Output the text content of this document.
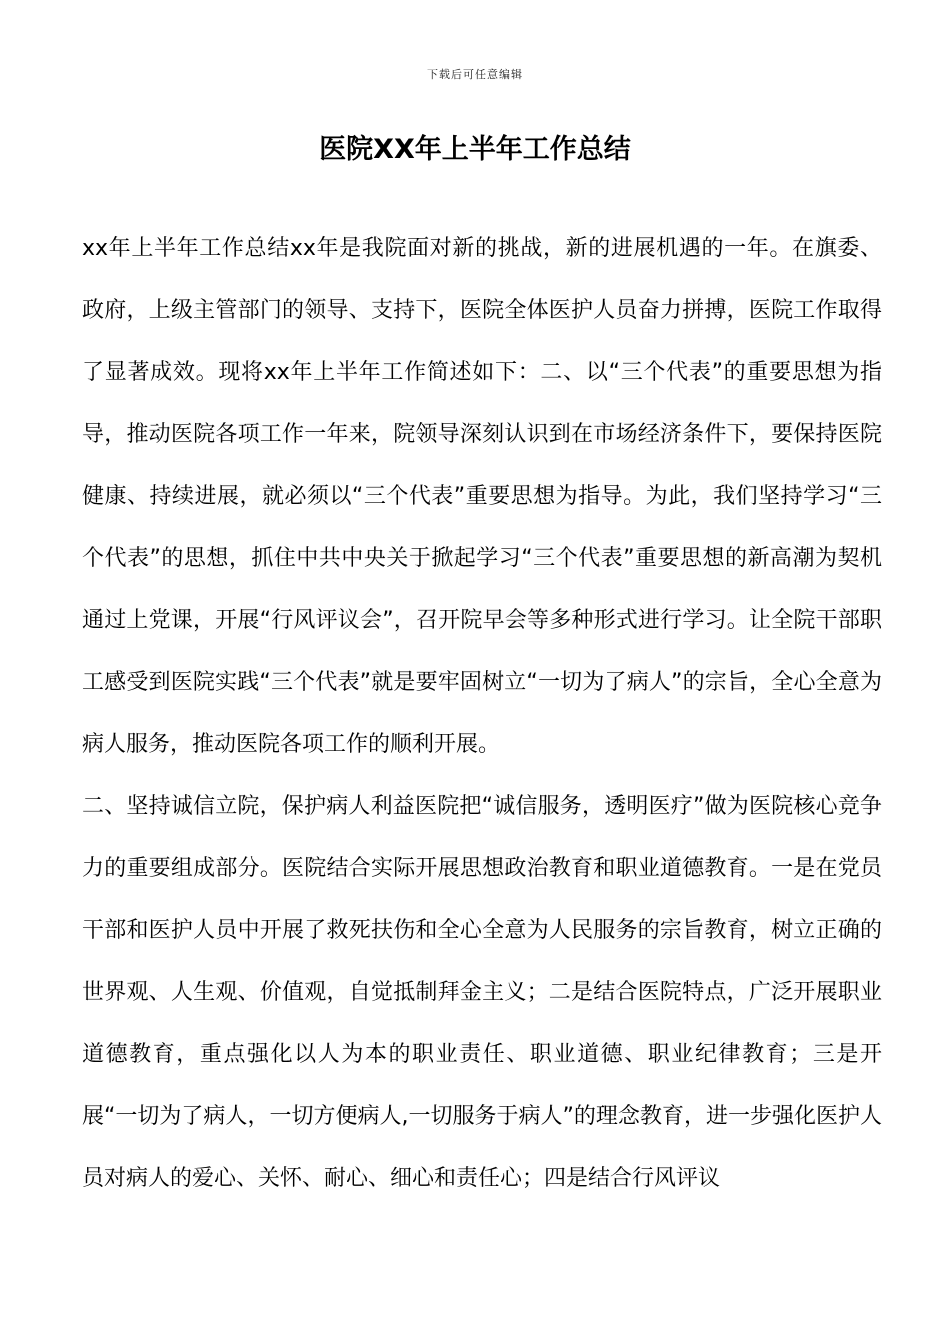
下载后可任意编辑
医院XX年上半年工作总结

xx年上半年工作总结xx年是我院面对新的挑战，新的进展机遇的一年。在旗委、政府，上级主管部门的领导、支持下，医院全体医护人员奋力拼搏，医院工作取得了显著成效。现将xx年上半年工作简述如下：二、以“三个代表”的重要思想为指导，推动医院各项工作一年来，院领导深刻认识到在市场经济条件下，要保持医院健康、持续进展，就必须以“三个代表”重要思想为指导。为此，我们坚持学习“三个代表”的思想，抓住中共中央关于掀起学习“三个代表”重要思想的新高潮为契机通过上党课，开展“行风评议会”，召开院早会等多种形式进行学习。让全院干部职工感受到医院实践“三个代表”就是要牢固树立“一切为了病人”的宗旨，全心全意为病人服务，推动医院各项工作的顺利开展。

二、坚持诚信立院，保护病人利益医院把“诚信服务，透明医疗”做为医院核心竞争力的重要组成部分。医院结合实际开展思想政治教育和职业道德教育。一是在党员干部和医护人员中开展了救死扶伤和全心全意为人民服务的宗旨教育，树立正确的世界观、人生观、价值观，自觉抵制拜金主义；二是结合医院特点，广泛开展职业道德教育，重点强化以人为本的职业责任、职业道德、职业纪律教育；三是开展“一切为了病人，一切方便病人,一切服务于病人”的理念教育，进一步强化医护人员对病人的爱心、关怀、耐心、细心和责任心；四是结合行风评议
